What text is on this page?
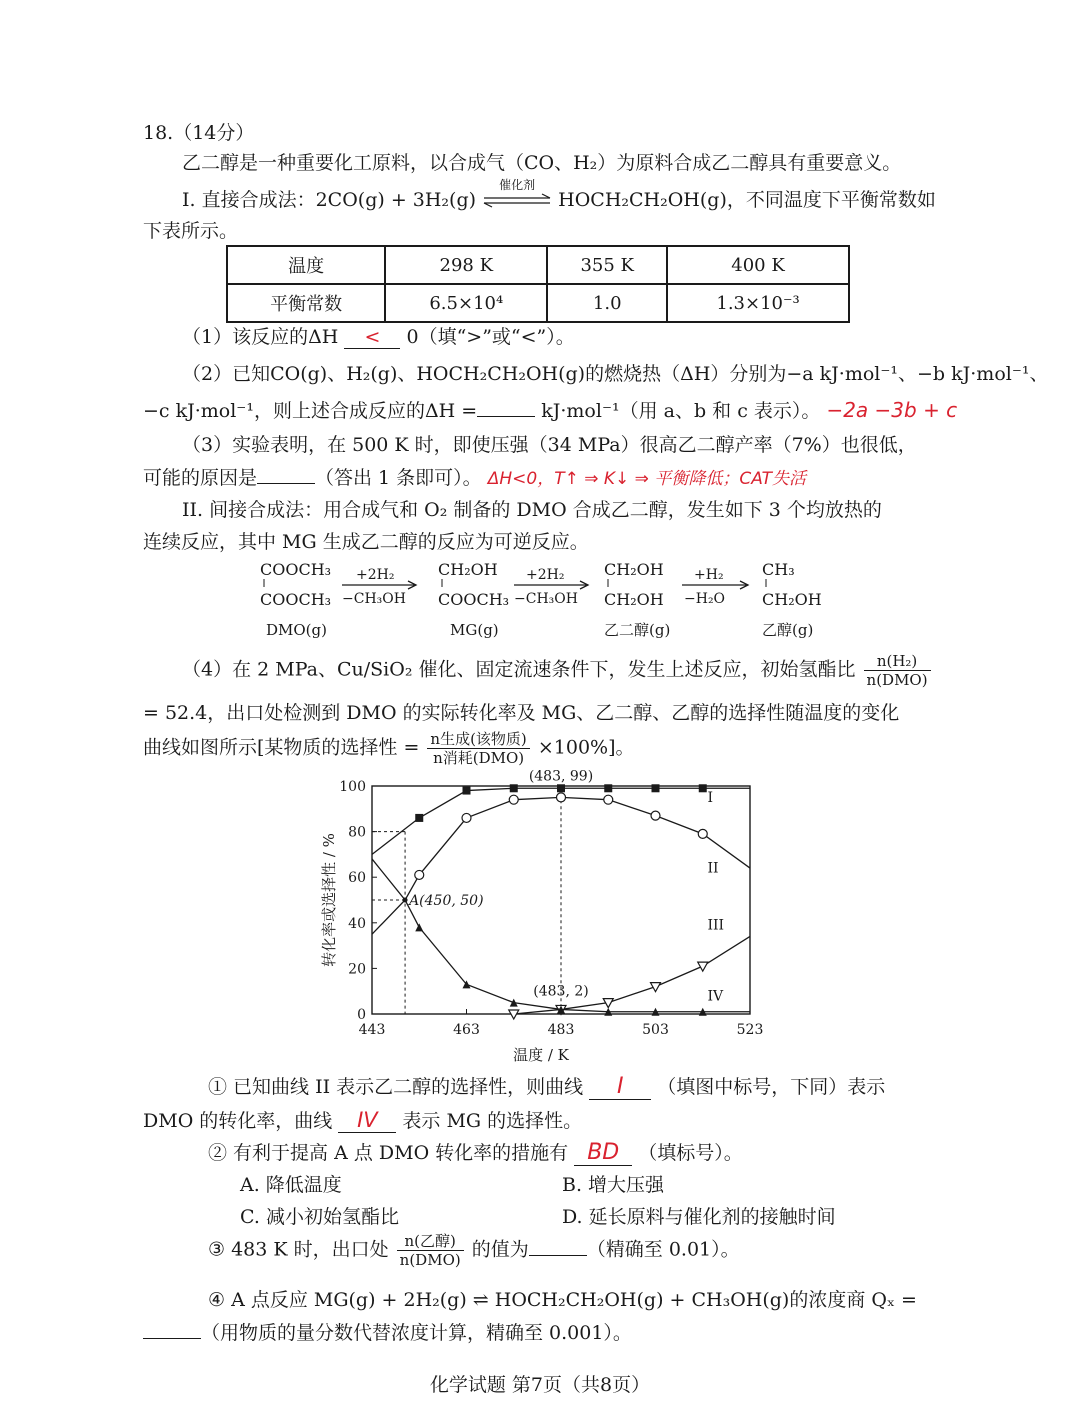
18.（14分）
乙二醇是一种重要化工原料，以合成气（CO、H₂）为原料合成乙二醇具有重要意义。
I. 直接合成法：2CO(g) + 3H₂(g)
催化剂
HOCH₂CH₂OH(g)，不同温度下平衡常数如
下表所示。
温度	298 K	355 K	400 K
平衡常数	6.5×10⁴	1.0	1.3×10⁻³
（1）该反应的ΔH < 0（填“>”或“<”）。
（2）已知CO(g)、H₂(g)、HOCH₂CH₂OH(g)的燃烧热（ΔH）分别为−a kJ·mol⁻¹、−b kJ·mol⁻¹、
−c kJ·mol⁻¹，则上述合成反应的ΔH =	kJ·mol⁻¹（用 a、b 和 c 表示）。 −2a −3b + c
（3）实验表明，在 500 K 时，即使压强（34 MPa）很高乙二醇产率（7%）也很低，
可能的原因是	（答出 1 条即可）。 ΔH<0，T↑ ⇒ K↓ ⇒ 平衡降低；CAT失活
II. 间接合成法：用合成气和 O₂ 制备的 DMO 合成乙二醇，发生如下 3 个均放热的
连续反应，其中 MG 生成乙二醇的反应为可逆反应。
COOCH₃
COOCH₃
DMO(g)
+2H₂
−CH₃OH
CH₂OH
COOCH₃
MG(g)
+2H₂
−CH₃OH
CH₂OH
CH₂OH
乙二醇(g)
+H₂
−H₂O
CH₃
CH₂OH
乙醇(g)
（4）在 2 MPa、Cu/SiO₂ 催化、固定流速条件下，发生上述反应，初始氢酯比 $\frac{\text{n(H₂)}}{\text{n(DMO)}}$
= 52.4，出口处检测到 DMO 的实际转化率及 MG、乙二醇、乙醇的选择性随温度的变化
曲线如图所示[某物质的选择性 = $\frac{\text{n生成(该物质)}}{\text{n消耗(DMO)}} \times 100\%$]。
0
20
40
60
80
100
443	463	483	503	523
温度 / K
转化率或选择性 / %
I
II
III
IV
(483, 99)
A(450, 50)
(483, 2)
① 已知曲线 II 表示乙二醇的选择性，则曲线 I （填图中标号，下同）表示
DMO 的转化率，曲线 IV 表示 MG 的选择性。
② 有利于提高 A 点 DMO 转化率的措施有 BD （填标号）。
A. 降低温度	B. 增大压强
C. 减小初始氢酯比	D. 延长原料与催化剂的接触时间
③ 483 K 时，出口处 $\frac{\text{n(乙醇)}}{\text{n(DMO)}}$ 的值为	（精确至 0.01）。
④ A 点反应 MG(g) + 2H₂(g) ⇌ HOCH₂CH₂OH(g) + CH₃OH(g)的浓度商 Qₓ =
（用物质的量分数代替浓度计算，精确至 0.001）。
化学试题 第7页（共8页）
